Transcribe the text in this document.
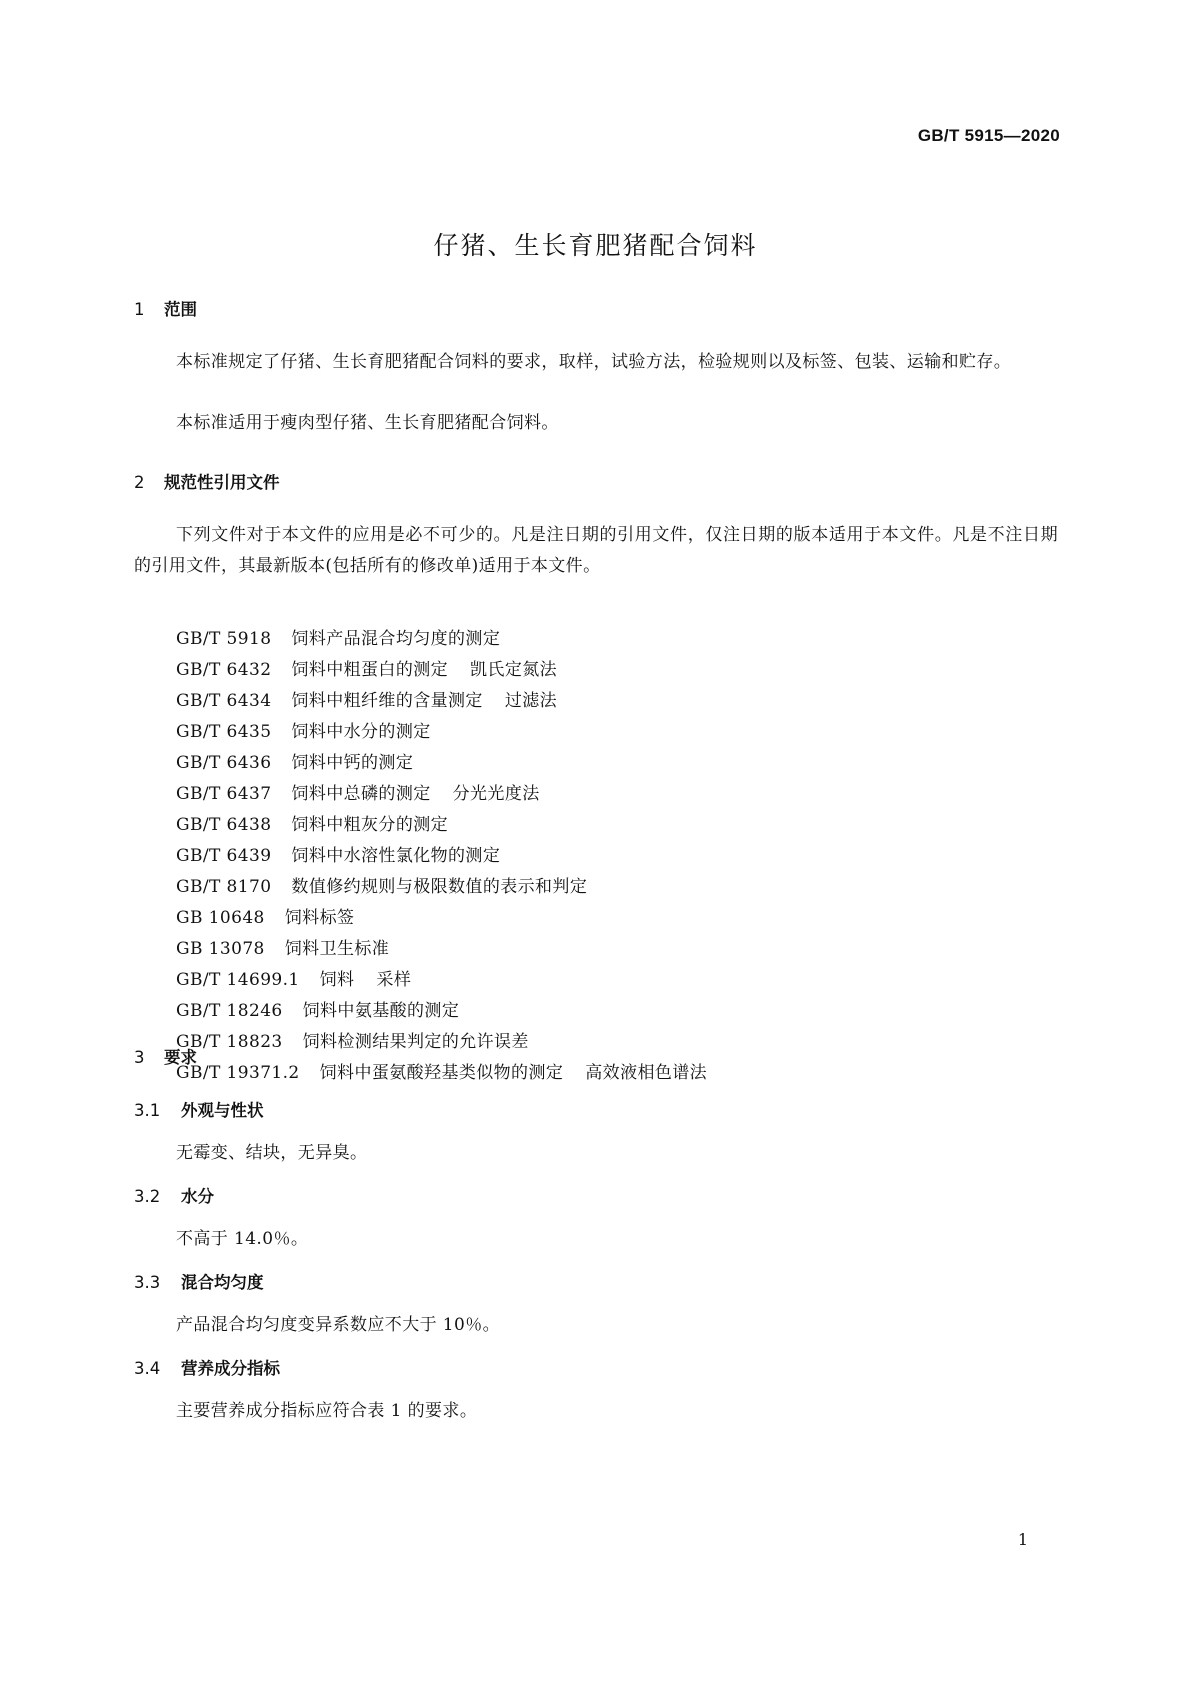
GB/T 5915—2020
仔猪、生长育肥猪配合饲料
1	范围
本标准规定了仔猪、生长育肥猪配合饲料的要求，取样，试验方法，检验规则以及标签、包装、运输和贮存。
本标准适用于瘦肉型仔猪、生长育肥猪配合饲料。
2	规范性引用文件
下列文件对于本文件的应用是必不可少的。凡是注日期的引用文件，仅注日期的版本适用于本文件。凡是不注日期的引用文件，其最新版本(包括所有的修改单)适用于本文件。
GB/T 5918 饲料产品混合均匀度的测定
GB/T 6432 饲料中粗蛋白的测定 凯氏定氮法
GB/T 6434 饲料中粗纤维的含量测定 过滤法
GB/T 6435 饲料中水分的测定
GB/T 6436 饲料中钙的测定
GB/T 6437 饲料中总磷的测定 分光光度法
GB/T 6438 饲料中粗灰分的测定
GB/T 6439 饲料中水溶性氯化物的测定
GB/T 8170 数值修约规则与极限数值的表示和判定
GB 10648 饲料标签
GB 13078 饲料卫生标准
GB/T 14699.1 饲料 采样
GB/T 18246 饲料中氨基酸的测定
GB/T 18823 饲料检测结果判定的允许误差
GB/T 19371.2 饲料中蛋氨酸羟基类似物的测定 高效液相色谱法
3	要求
3.1	外观与性状
无霉变、结块，无异臭。
3.2	水分
不高于 14.0％。
3.3	混合均匀度
产品混合均匀度变异系数应不大于 10％。
3.4	营养成分指标
主要营养成分指标应符合表 1 的要求。
1
